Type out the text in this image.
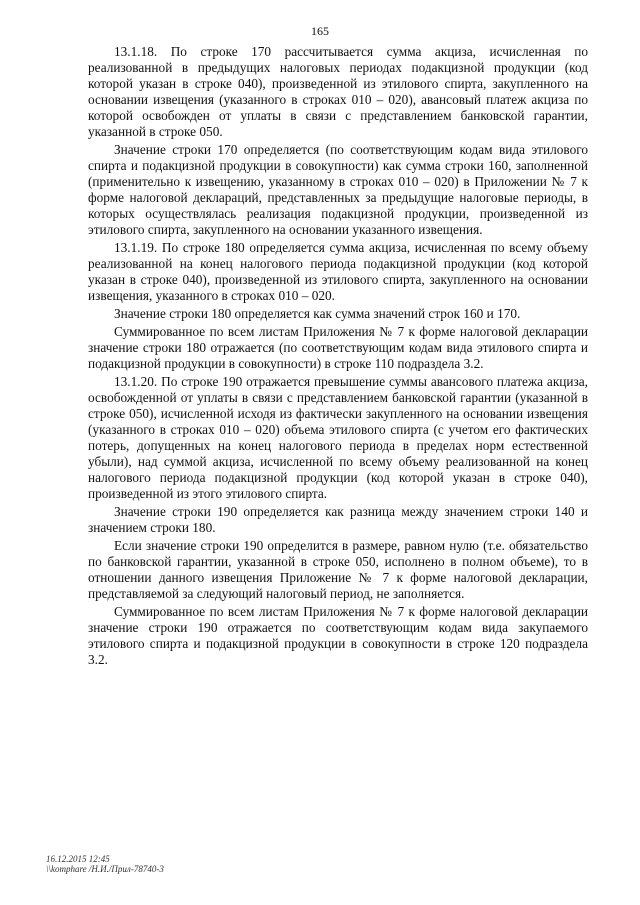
165

13.1.18. По строке 170 рассчитывается сумма акциза, исчисленная по реализованной в предыдущих налоговых периодах подакцизной продукции (код которой указан в строке 040), произведенной из этилового спирта, закупленного на основании извещения (указанного в строках 010 – 020), авансовый платеж акциза по которой освобожден от уплаты в связи с представлением банковской гарантии, указанной в строке 050.

Значение строки 170 определяется (по соответствующим кодам вида этилового спирта и подакцизной продукции в совокупности) как сумма строки 160, заполненной (применительно к извещению, указанному в строках 010 – 020) в Приложении № 7 к форме налоговой деклараций, представленных за предыдущие налоговые периоды, в которых осуществлялась реализация подакцизной продукции, произведенной из этилового спирта, закупленного на основании указанного извещения.

13.1.19. По строке 180 определяется сумма акциза, исчисленная по всему объему реализованной на конец налогового периода подакцизной продукции (код которой указан в строке 040), произведенной из этилового спирта, закупленного на основании извещения, указанного в строках 010 – 020.

Значение строки 180 определяется как сумма значений строк 160 и 170.

Суммированное по всем листам Приложения № 7 к форме налоговой декларации значение строки 180 отражается (по соответствующим кодам вида этилового спирта и подакцизной продукции в совокупности) в строке 110 подраздела 3.2.

13.1.20. По строке 190 отражается превышение суммы авансового платежа акциза, освобожденной от уплаты в связи с представлением банковской гарантии (указанной в строке 050), исчисленной исходя из фактически закупленного на основании извещения (указанного в строках 010 – 020) объема этилового спирта (с учетом его фактических потерь, допущенных на конец налогового периода в пределах норм естественной убыли), над суммой акциза, исчисленной по всему объему реализованной на конец налогового периода подакцизной продукции (код которой указан в строке 040), произведенной из этого этилового спирта.

Значение строки 190 определяется как разница между значением строки 140 и значением строки 180.

Если значение строки 190 определится в размере, равном нулю (т.е. обязательство по банковской гарантии, указанной в строке 050, исполнено в полном объеме), то в отношении данного извещения Приложение № 7 к форме налоговой декларации, представляемой за следующий налоговый период, не заполняется.

Суммированное по всем листам Приложения № 7 к форме налоговой декларации значение строки 190 отражается по соответствующим кодам вида закупаемого этилового спирта и подакцизной продукции в совокупности в строке 120 подраздела 3.2.

16.12.2015 12:45
\\komphare /Н.И./Прил-78740-3
